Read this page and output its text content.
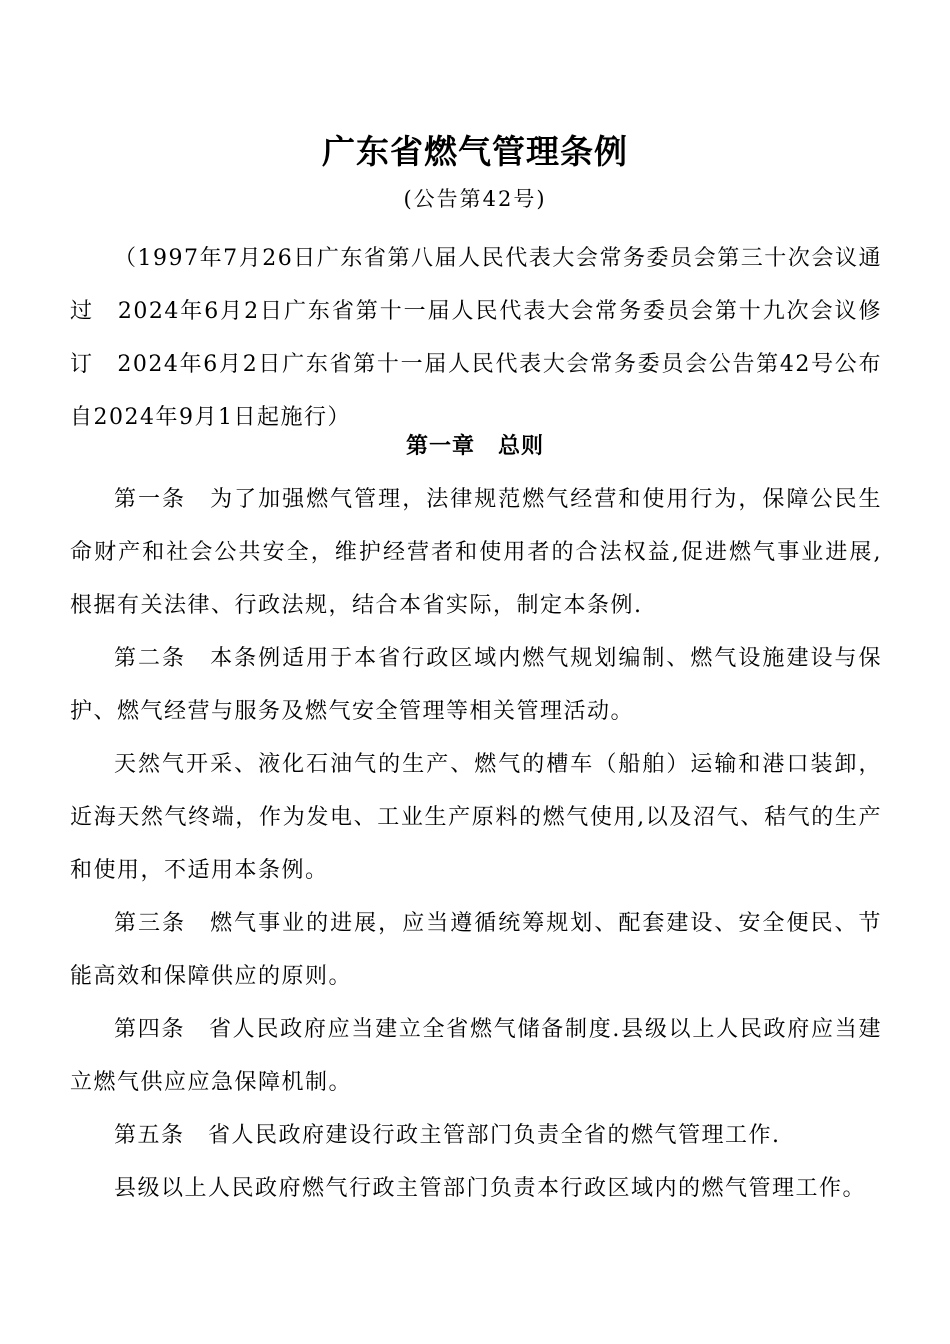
广东省燃气管理条例
(公告第42号)

（1997年7月26日广东省第八届人民代表大会常务委员会第三十次会议通过　2024年6月2日广东省第十一届人民代表大会常务委员会第十九次会议修订　2024年6月2日广东省第十一届人民代表大会常务委员会公告第42号公布　自2024年9月1日起施行）

第一章　总则

第一条　为了加强燃气管理，法律规范燃气经营和使用行为，保障公民生命财产和社会公共安全，维护经营者和使用者的合法权益,促进燃气事业进展,根据有关法律、行政法规，结合本省实际，制定本条例.

第二条　本条例适用于本省行政区域内燃气规划编制、燃气设施建设与保护、燃气经营与服务及燃气安全管理等相关管理活动。

天然气开采、液化石油气的生产、燃气的槽车（船舶）运输和港口装卸，近海天然气终端，作为发电、工业生产原料的燃气使用,以及沼气、秸气的生产和使用，不适用本条例。

第三条　燃气事业的进展，应当遵循统筹规划、配套建设、安全便民、节能高效和保障供应的原则。

第四条　省人民政府应当建立全省燃气储备制度.县级以上人民政府应当建立燃气供应应急保障机制。

第五条　省人民政府建设行政主管部门负责全省的燃气管理工作.

县级以上人民政府燃气行政主管部门负责本行政区域内的燃气管理工作。
